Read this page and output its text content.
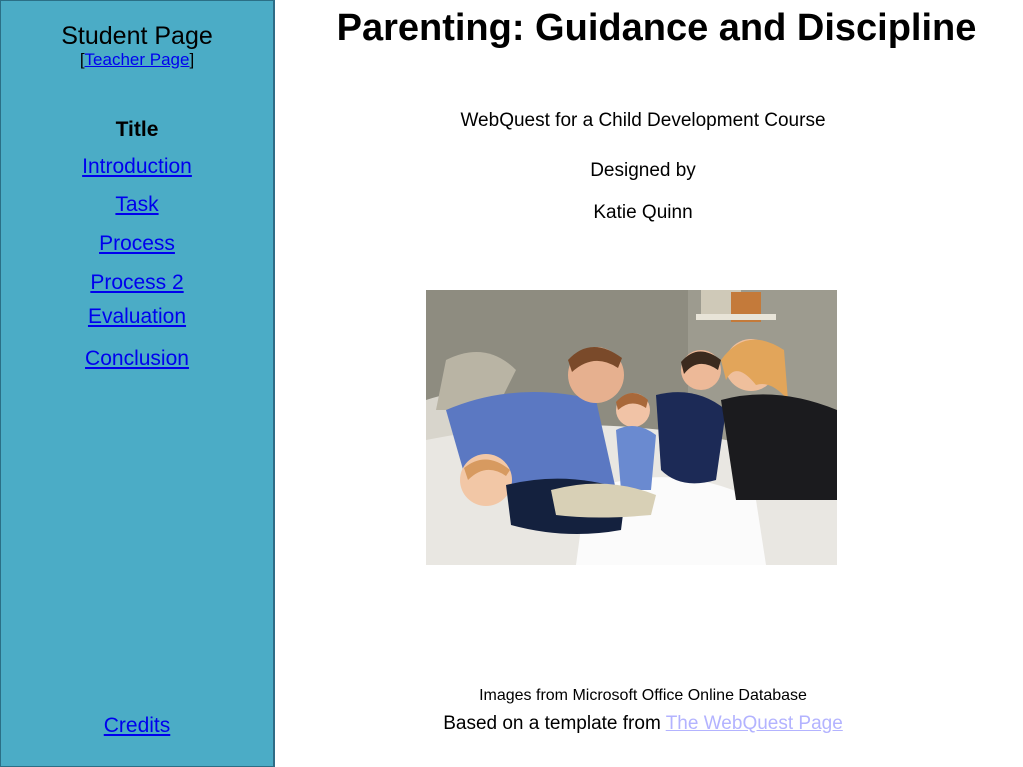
Student Page
[Teacher Page]
Title
Introduction
Task
Process
Process 2
Evaluation
Conclusion
Credits
Parenting: Guidance and Discipline
WebQuest for a Child Development Course
Designed by
Katie Quinn
Images from Microsoft Office Online Database
Based on a template from The WebQuest Page
